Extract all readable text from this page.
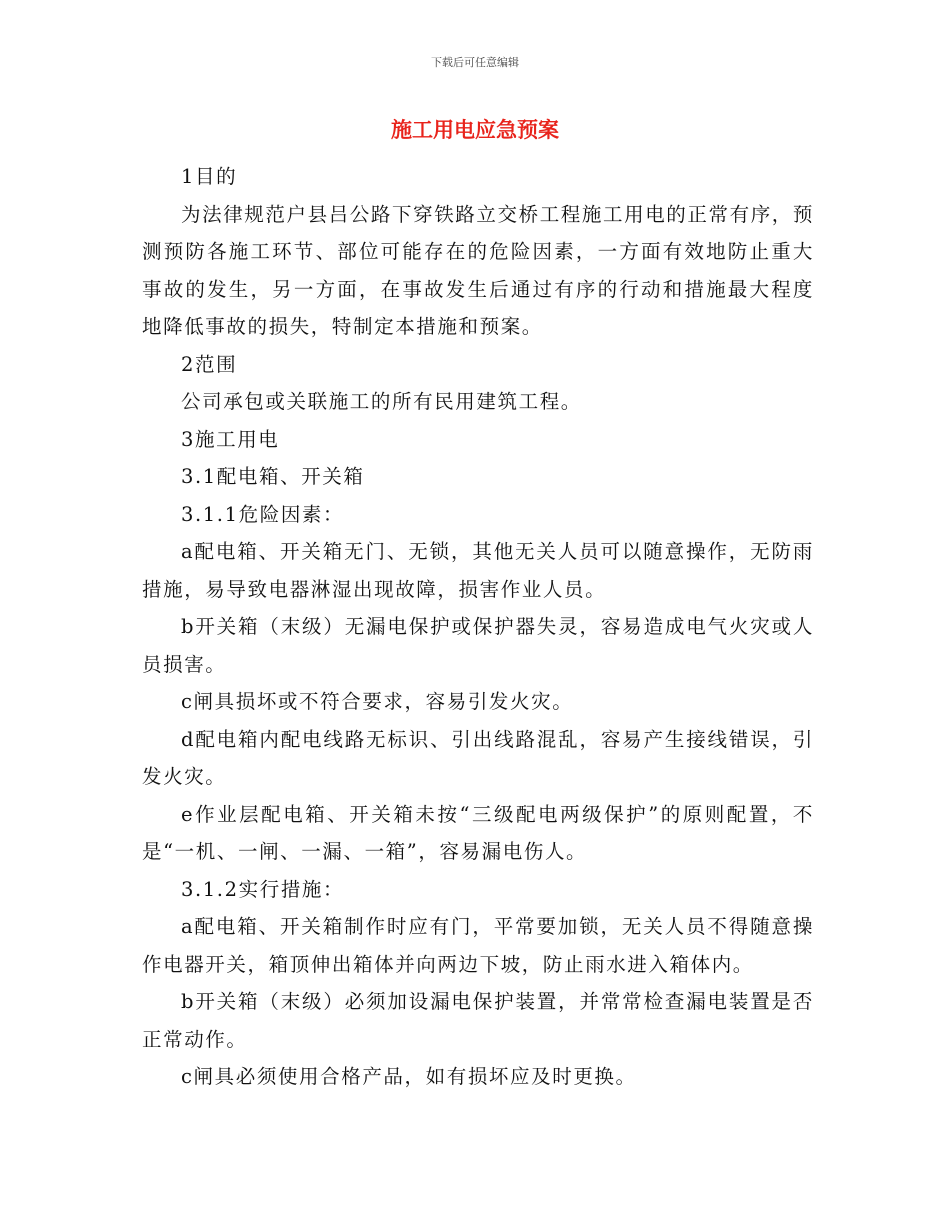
下载后可任意编辑
施工用电应急预案

1目的

为法律规范户县吕公路下穿铁路立交桥工程施工用电的正常有序，预测预防各施工环节、部位可能存在的危险因素，一方面有效地防止重大事故的发生，另一方面，在事故发生后通过有序的行动和措施最大程度地降低事故的损失，特制定本措施和预案。

2范围

公司承包或关联施工的所有民用建筑工程。

3施工用电

3.1配电箱、开关箱

3.1.1危险因素：

a配电箱、开关箱无门、无锁，其他无关人员可以随意操作，无防雨措施，易导致电器淋湿出现故障，损害作业人员。

b开关箱（末级）无漏电保护或保护器失灵，容易造成电气火灾或人员损害。

c闸具损坏或不符合要求，容易引发火灾。

d配电箱内配电线路无标识、引出线路混乱，容易产生接线错误，引发火灾。

e作业层配电箱、开关箱未按“三级配电两级保护”的原则配置，不是“一机、一闸、一漏、一箱”，容易漏电伤人。

3.1.2实行措施：

a配电箱、开关箱制作时应有门，平常要加锁，无关人员不得随意操作电器开关，箱顶伸出箱体并向两边下坡，防止雨水进入箱体内。

b开关箱（末级）必须加设漏电保护装置，并常常检查漏电装置是否正常动作。

c闸具必须使用合格产品，如有损坏应及时更换。
